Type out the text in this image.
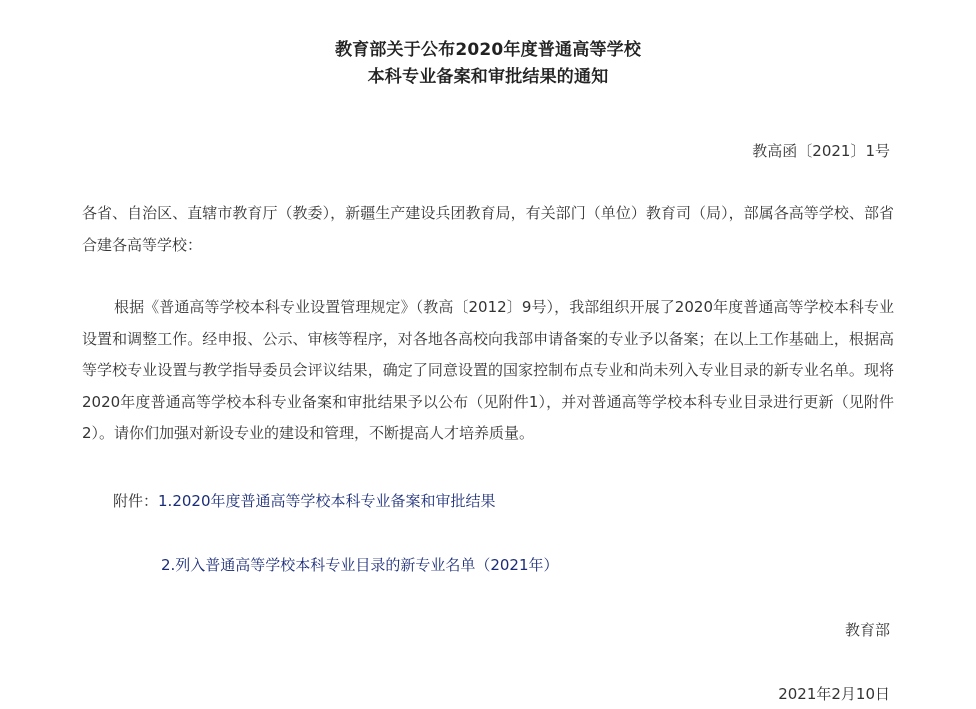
教育部关于公布2020年度普通高等学校
本科专业备案和审批结果的通知
教高函〔2021〕1号

各省、自治区、直辖市教育厅（教委），新疆生产建设兵团教育局，有关部门（单位）教育司（局），部属各高等学校、部省合建各高等学校：

根据《普通高等学校本科专业设置管理规定》（教高〔2012〕9号），我部组织开展了2020年度普通高等学校本科专业设置和调整工作。经申报、公示、审核等程序，对各地各高校向我部申请备案的专业予以备案；在以上工作基础上，根据高等学校专业设置与教学指导委员会评议结果，确定了同意设置的国家控制布点专业和尚未列入专业目录的新专业名单。现将2020年度普通高等学校本科专业备案和审批结果予以公布（见附件1），并对普通高等学校本科专业目录进行更新（见附件2）。请你们加强对新设专业的建设和管理，不断提高人才培养质量。

附件：1.2020年度普通高等学校本科专业备案和审批结果
2.列入普通高等学校本科专业目录的新专业名单（2021年）
教育部
2021年2月10日
